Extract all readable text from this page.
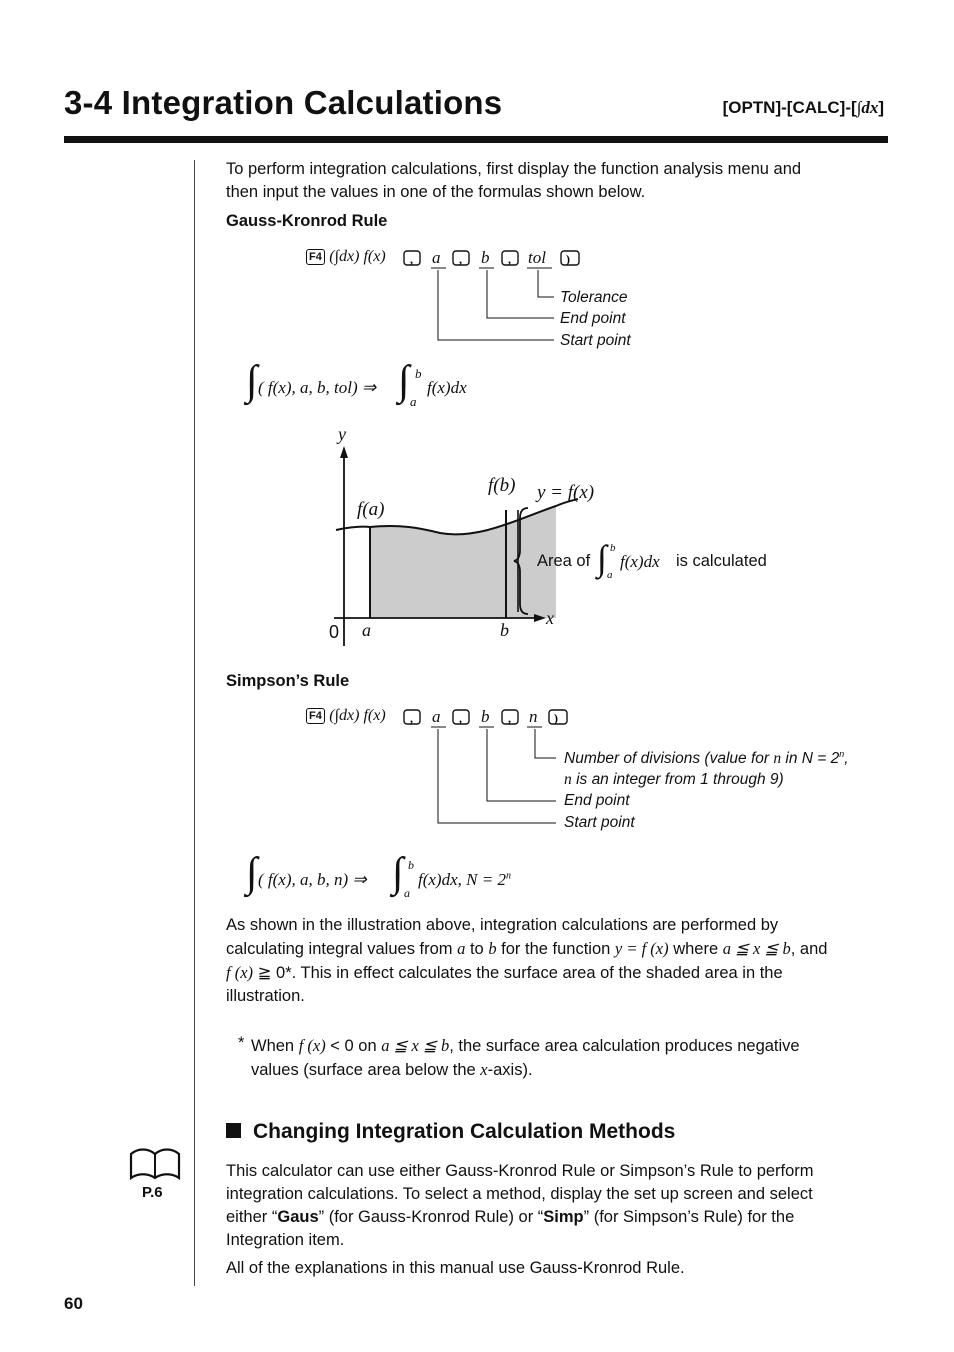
3-4 Integration Calculations	[OPTN]-[CALC]-[∫dx]
To perform integration calculations, first display the function analysis menu and
then input the values in one of the formulas shown below.
Gauss-Kronrod Rule
F4 (∫dx) f(x) ,	,	,	)
a b tol
Tolerance
End point
Start point
∫ ( f(x), a, b, tol) ⇒ ∫ b
a
f(x)dx
y
x
0 a	b
f(a)
f(b) y = f(x)
Area of ∫ b
a
f(x)dx is calculated
Simpson’s Rule
F4 (∫dx) f(x) ,	,	,	)
a b n
Number of divisions (value for n in $N = 2^n$,
n is an integer from 1 through 9)
End point
Start point
∫ ( f(x), a, b, n) ⇒ ∫ b
a
f(x)dx, $N = 2^n$
As shown in the illustration above, integration calculations are performed by
calculating integral values from a to b for the function y = f (x) where a ≦ x ≦ b, and
f (x) ≧ 0*. This in effect calculates the surface area of the shaded area in the
illustration.
* When f (x) < 0 on a ≦ x ≦ b, the surface area calculation produces negative
values (surface area below the x-axis).
Changing Integration Calculation Methods
P.6
This calculator can use either Gauss-Kronrod Rule or Simpson’s Rule to perform
integration calculations. To select a method, display the set up screen and select
either “Gaus” (for Gauss-Kronrod Rule) or “Simp” (for Simpson’s Rule) for the
Integration item.
All of the explanations in this manual use Gauss-Kronrod Rule.
60
